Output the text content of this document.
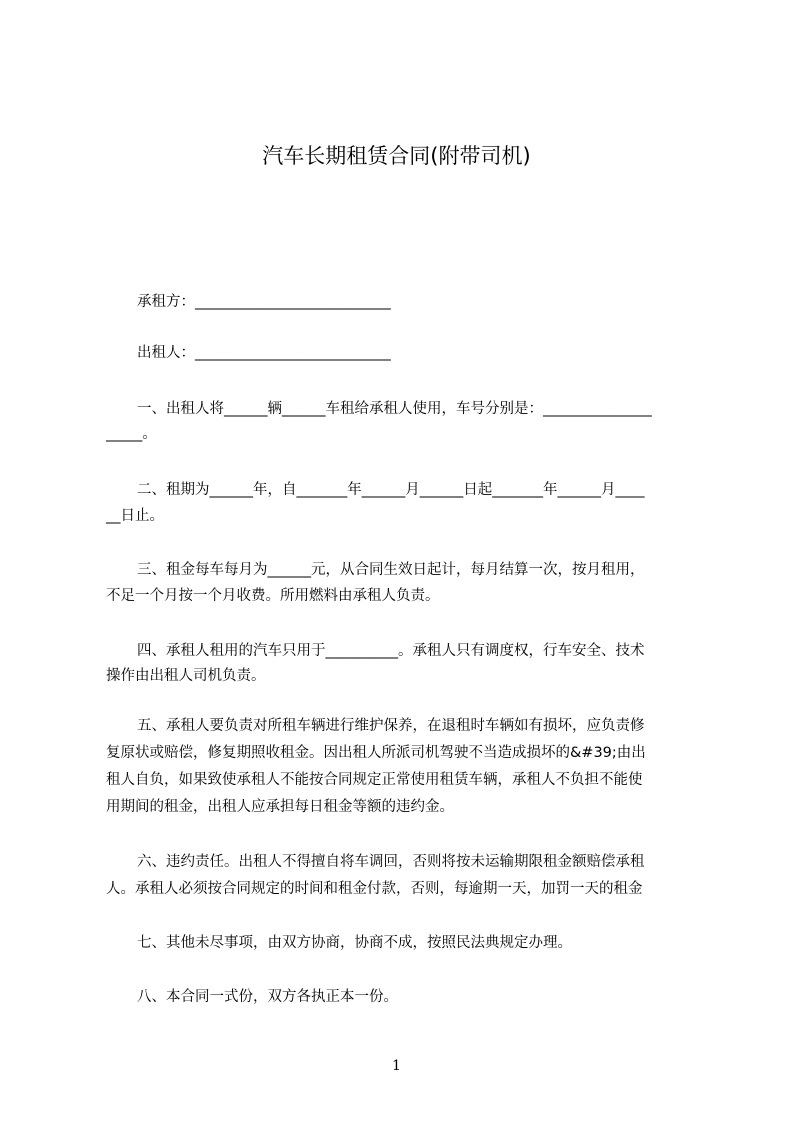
汽车长期租赁合同(附带司机)
承租方：___________________________
出租人：___________________________
一、出租人将______辆______车租给承租人使用，车号分别是：_______________
_____。
二、租期为______年，自_______年______月______日起_______年______月____
__日止。
三、租金每车每月为______元，从合同生效日起计，每月结算一次，按月租用，
不足一个月按一个月收费。所用燃料由承租人负责。
四、承租人租用的汽车只用于__________。承租人只有调度权，行车安全、技术
操作由出租人司机负责。
五、承租人要负责对所租车辆进行维护保养，在退租时车辆如有损坏，应负责修
复原状或赔偿，修复期照收租金。因出租人所派司机驾驶不当造成损坏的&#39;由出
租人自负，如果致使承租人不能按合同规定正常使用租赁车辆，承租人不负担不能使
用期间的租金，出租人应承担每日租金等额的违约金。
六、违约责任。出租人不得擅自将车调回，否则将按未运输期限租金额赔偿承租
人。承租人必须按合同规定的时间和租金付款，否则，每逾期一天，加罚一天的租金
七、其他未尽事项，由双方协商，协商不成，按照民法典规定办理。
八、本合同一式份，双方各执正本一份。
1
